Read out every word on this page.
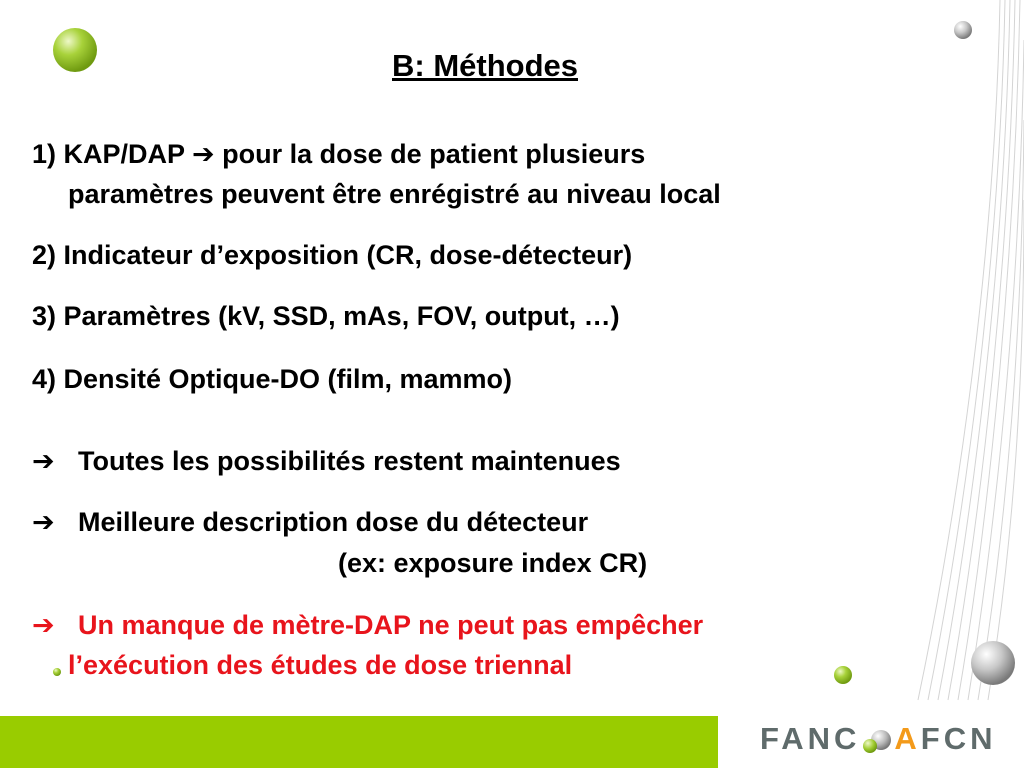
B: Méthodes
1) KAP/DAP ➔ pour la dose de patient plusieurs
paramètres peuvent être enrégistré au niveau local
2) Indicateur d’exposition (CR, dose-détecteur)
3) Paramètres (kV, SSD, mAs, FOV, output, …)
4) Densité Optique-DO (film, mammo)
➔ Toutes les possibilités restent maintenues
➔ Meilleure description dose du détecteur
(ex: exposure index CR)
➔ Un manque de mètre-DAP ne peut pas empêcher
l’exécution des études de dose triennal
FANC AFCN
